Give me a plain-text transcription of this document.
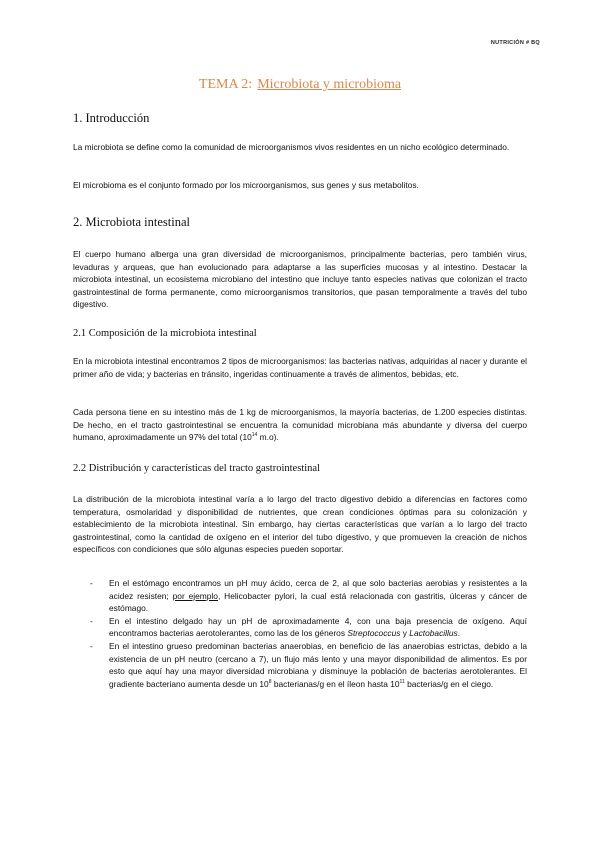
NUTRICIÓN # BQ
TEMA 2: Microbiota y microbioma
1. Introducción

La microbiota se define como la comunidad de microorganismos vivos residentes en un nicho ecológico determinado.

El microbioma es el conjunto formado por los microorganismos, sus genes y sus metabolitos.

2. Microbiota intestinal

El cuerpo humano alberga una gran diversidad de microorganismos, principalmente bacterias, pero también virus, levaduras y arqueas, que han evolucionado para adaptarse a las superficies mucosas y al intestino. Destacar la microbiota intestinal, un ecosistema microbiano del intestino que incluye tanto especies nativas que colonizan el tracto gastrointestinal de forma permanente, como microorganismos transitorios, que pasan temporalmente a través del tubo digestivo.

2.1 Composición de la microbiota intestinal

En la microbiota intestinal encontramos 2 tipos de microorganismos: las bacterias nativas, adquiridas al nacer y durante el primer año de vida; y bacterias en tránsito, ingeridas continuamente a través de alimentos, bebidas, etc.

Cada persona tiene en su intestino más de 1 kg de microorganismos, la mayoría bacterias, de 1.200 especies distintas. De hecho, en el tracto gastrointestinal se encuentra la comunidad microbiana más abundante y diversa del cuerpo humano, aproximadamente un 97% del total ($10^{14}$ m.o).

2.2 Distribución y características del tracto gastrointestinal

La distribución de la microbiota intestinal varía a lo largo del tracto digestivo debido a diferencias en factores como temperatura, osmolaridad y disponibilidad de nutrientes, que crean condiciones óptimas para su colonización y establecimiento de la microbiota intestinal. Sin embargo, hay ciertas características que varían a lo largo del tracto gastrointestinal, como la cantidad de oxígeno en el interior del tubo digestivo, y que promueven la creación de nichos específicos con condiciones que sólo algunas especies pueden soportar.

- En el estómago encontramos un pH muy ácido, cerca de 2, al que solo bacterias aerobias y resistentes a la acidez resisten; por ejemplo, Helicobacter pylori, la cual está relacionada con gastritis, úlceras y cáncer de estómago.
- En el intestino delgado hay un pH de aproximadamente 4, con una baja presencia de oxígeno. Aquí encontramos bacterias aerotolerantes, como las de los géneros Streptococcus y Lactobacillus.
- En el intestino grueso predominan bacterias anaerobias, en beneficio de las anaerobias estrictas, debido a la existencia de un pH neutro (cercano a 7), un flujo más lento y una mayor disponibilidad de alimentos. Es por esto que aquí hay una mayor diversidad microbiana y disminuye la población de bacterias aerotolerantes. El gradiente bacteriano aumenta desde un $10^8$ bacterianas/g en el íleon hasta $10^{11}$ bacterias/g en el ciego.
